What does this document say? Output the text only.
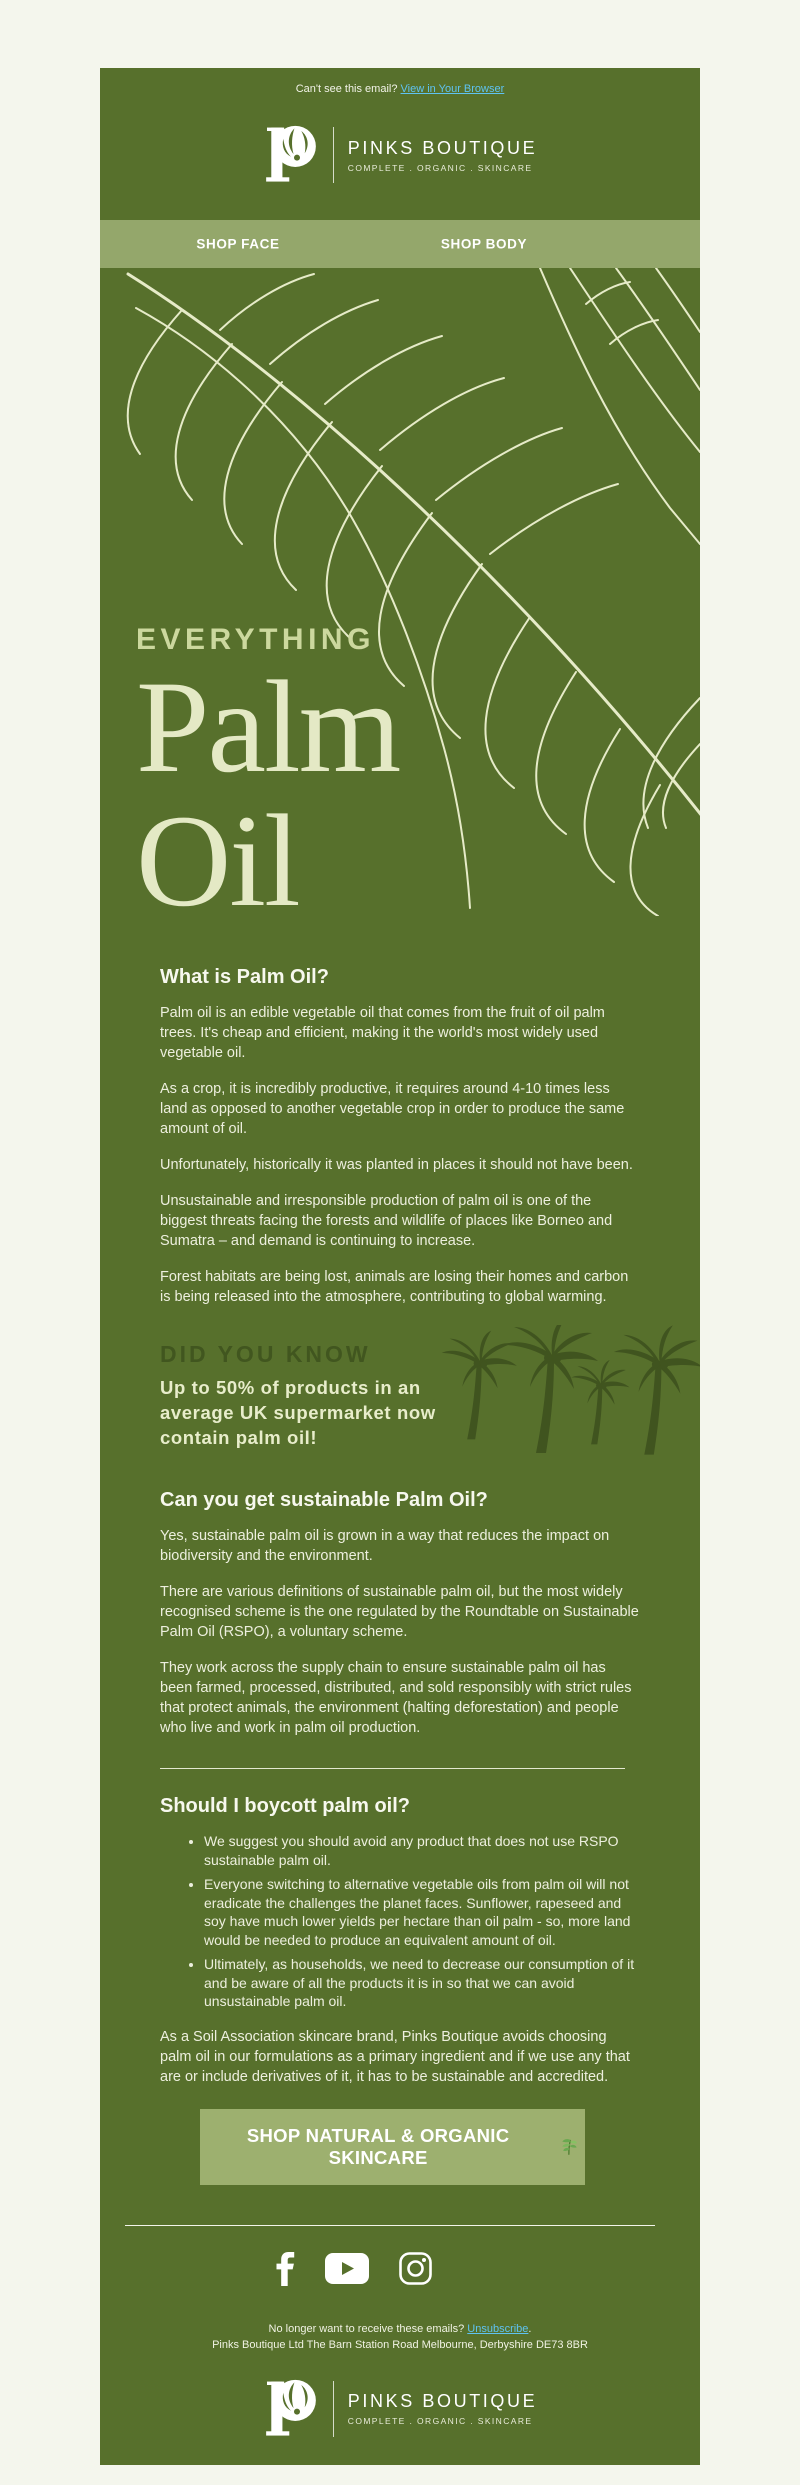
Can't see this email? View in Your Browser
PINKS BOUTIQUE
COMPLETE . ORGANIC . SKINCARE
SHOP FACE	SHOP BODY
EVERYTHING
Palm
Oil
What is Palm Oil?

Palm oil is an edible vegetable oil that comes from the fruit of oil palm trees. It's cheap and efficient, making it the world's most widely used vegetable oil.

As a crop, it is incredibly productive, it requires around 4-10 times less land as opposed to another vegetable crop in order to produce the same amount of oil.

Unfortunately, historically it was planted in places it should not have been.

Unsustainable and irresponsible production of palm oil is one of the biggest threats facing the forests and wildlife of places like Borneo and Sumatra – and demand is continuing to increase.

Forest habitats are being lost, animals are losing their homes and carbon is being released into the atmosphere, contributing to global warming.

DID YOU KNOW
Up to 50% of products in an average UK supermarket now contain palm oil!
Can you get sustainable Palm Oil?

Yes, sustainable palm oil is grown in a way that reduces the impact on biodiversity and the environment.

There are various definitions of sustainable palm oil, but the most widely recognised scheme is the one regulated by the Roundtable on Sustainable Palm Oil (RSPO), a voluntary scheme.

They work across the supply chain to ensure sustainable palm oil has been farmed, processed, distributed, and sold responsibly with strict rules that protect animals, the environment (halting deforestation) and people who live and work in palm oil production.

Should I boycott palm oil?
• We suggest you should avoid any product that does not use RSPO sustainable palm oil.
• Everyone switching to alternative vegetable oils from palm oil will not eradicate the challenges the planet faces. Sunflower, rapeseed and soy have much lower yields per hectare than oil palm - so, more land would be needed to produce an equivalent amount of oil.
• Ultimately, as households, we need to decrease our consumption of it and be aware of all the products it is in so that we can avoid unsustainable palm oil.

As a Soil Association skincare brand, Pinks Boutique avoids choosing palm oil in our formulations as a primary ingredient and if we use any that are or include derivatives of it, it has to be sustainable and accredited.

SHOP NATURAL & ORGANIC SKINCARE
No longer want to receive these emails? Unsubscribe.
Pinks Boutique Ltd The Barn Station Road Melbourne, Derbyshire DE73 8BR
PINKS BOUTIQUE
COMPLETE . ORGANIC . SKINCARE
